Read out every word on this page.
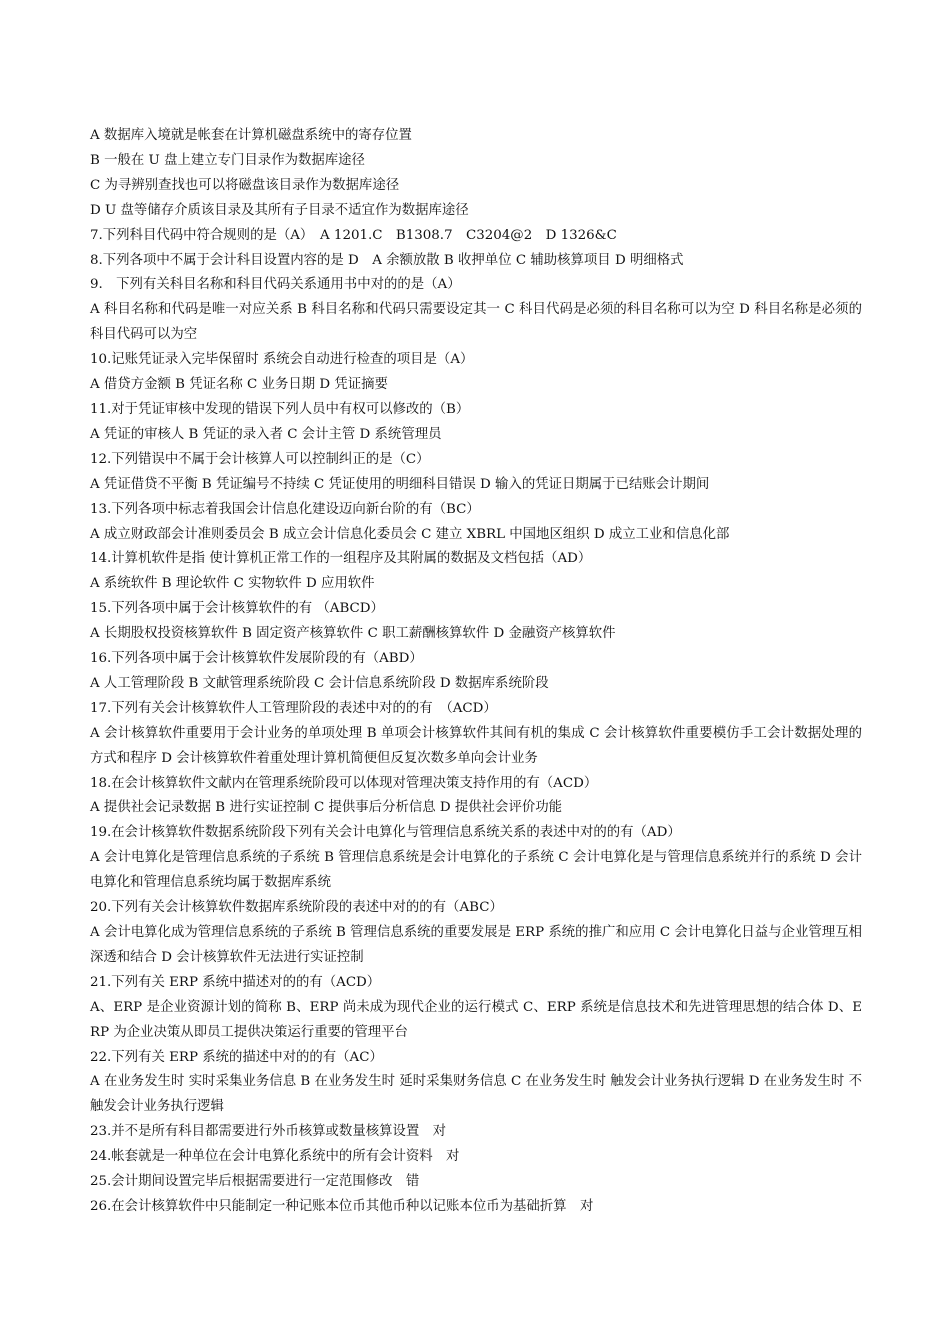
A 数据库入境就是帐套在计算机磁盘系统中的寄存位置

B 一般在 U 盘上建立专门目录作为数据库途径

C 为寻辨别查找也可以将磁盘该目录作为数据库途径

D U 盘等储存介质该目录及其所有子目录不适宜作为数据库途径

7.下列科目代码中符合规则的是（A）　A 1201.C　B1308.7　C3204@2　D 1326&C

8.下列各项中不属于会计科目设置内容的是 D　A 余额放散 B 收押单位 C 辅助核算项目 D 明细格式

9.　下列有关科目名称和科目代码关系通用书中对的的是（A）

A 科目名称和代码是唯一对应关系 B 科目名称和代码只需要设定其一 C 科目代码是必须的科目名称可以为空 D 科目名称是必须的科目代码可以为空

10.记账凭证录入完毕保留时 系统会自动进行检查的项目是（A）

A 借贷方金额 B 凭证名称 C 业务日期 D 凭证摘要

11.对于凭证审核中发现的错误下列人员中有权可以修改的（B）

A 凭证的审核人 B 凭证的录入者 C 会计主管 D 系统管理员

12.下列错误中不属于会计核算人可以控制纠正的是（C）

A 凭证借贷不平衡 B 凭证编号不持续 C 凭证使用的明细科目错误 D 输入的凭证日期属于已结账会计期间

13.下列各项中标志着我国会计信息化建设迈向新台阶的有（BC）

A 成立财政部会计准则委员会 B 成立会计信息化委员会 C 建立 XBRL 中国地区组织 D 成立工业和信息化部

14.计算机软件是指 使计算机正常工作的一组程序及其附属的数据及文档包括（AD）

A 系统软件 B 理论软件 C 实物软件 D 应用软件

15.下列各项中属于会计核算软件的有 （ABCD）

A 长期股权投资核算软件 B 固定资产核算软件 C 职工薪酬核算软件 D 金融资产核算软件

16.下列各项中属于会计核算软件发展阶段的有（ABD）

A 人工管理阶段 B 文献管理系统阶段 C 会计信息系统阶段 D 数据库系统阶段

17.下列有关会计核算软件人工管理阶段的表述中对的的有　（ACD）

A 会计核算软件重要用于会计业务的单项处理 B 单项会计核算软件其间有机的集成 C 会计核算软件重要模仿手工会计数据处理的方式和程序 D 会计核算软件着重处理计算机简便但反复次数多单向会计业务

18.在会计核算软件文献内在管理系统阶段可以体现对管理决策支持作用的有（ACD）

A 提供社会记录数据 B 进行实证控制 C 提供事后分析信息 D 提供社会评价功能

19.在会计核算软件数据系统阶段下列有关会计电算化与管理信息系统关系的表述中对的的有（AD）

A 会计电算化是管理信息系统的子系统 B 管理信息系统是会计电算化的子系统 C 会计电算化是与管理信息系统并行的系统 D 会计电算化和管理信息系统均属于数据库系统

20.下列有关会计核算软件数据库系统阶段的表述中对的的有（ABC）

A 会计电算化成为管理信息系统的子系统 B 管理信息系统的重要发展是 ERP 系统的推广和应用 C 会计电算化日益与企业管理互相深透和结合 D 会计核算软件无法进行实证控制

21.下列有关 ERP 系统中描述对的的有（ACD）

A、ERP 是企业资源计划的简称 B、ERP 尚未成为现代企业的运行模式 C、ERP 系统是信息技术和先进管理思想的结合体 D、ERP 为企业决策从即员工提供决策运行重要的管理平台

22.下列有关 ERP 系统的描述中对的的有（AC）

A 在业务发生时 实时采集业务信息 B 在业务发生时 延时采集财务信息 C 在业务发生时 触发会计业务执行逻辑 D 在业务发生时 不触发会计业务执行逻辑

23.并不是所有科目都需要进行外币核算或数量核算设置　对

24.帐套就是一种单位在会计电算化系统中的所有会计资料　对

25.会计期间设置完毕后根据需要进行一定范围修改　错

26.在会计核算软件中只能制定一种记账本位币其他币种以记账本位币为基础折算　对
